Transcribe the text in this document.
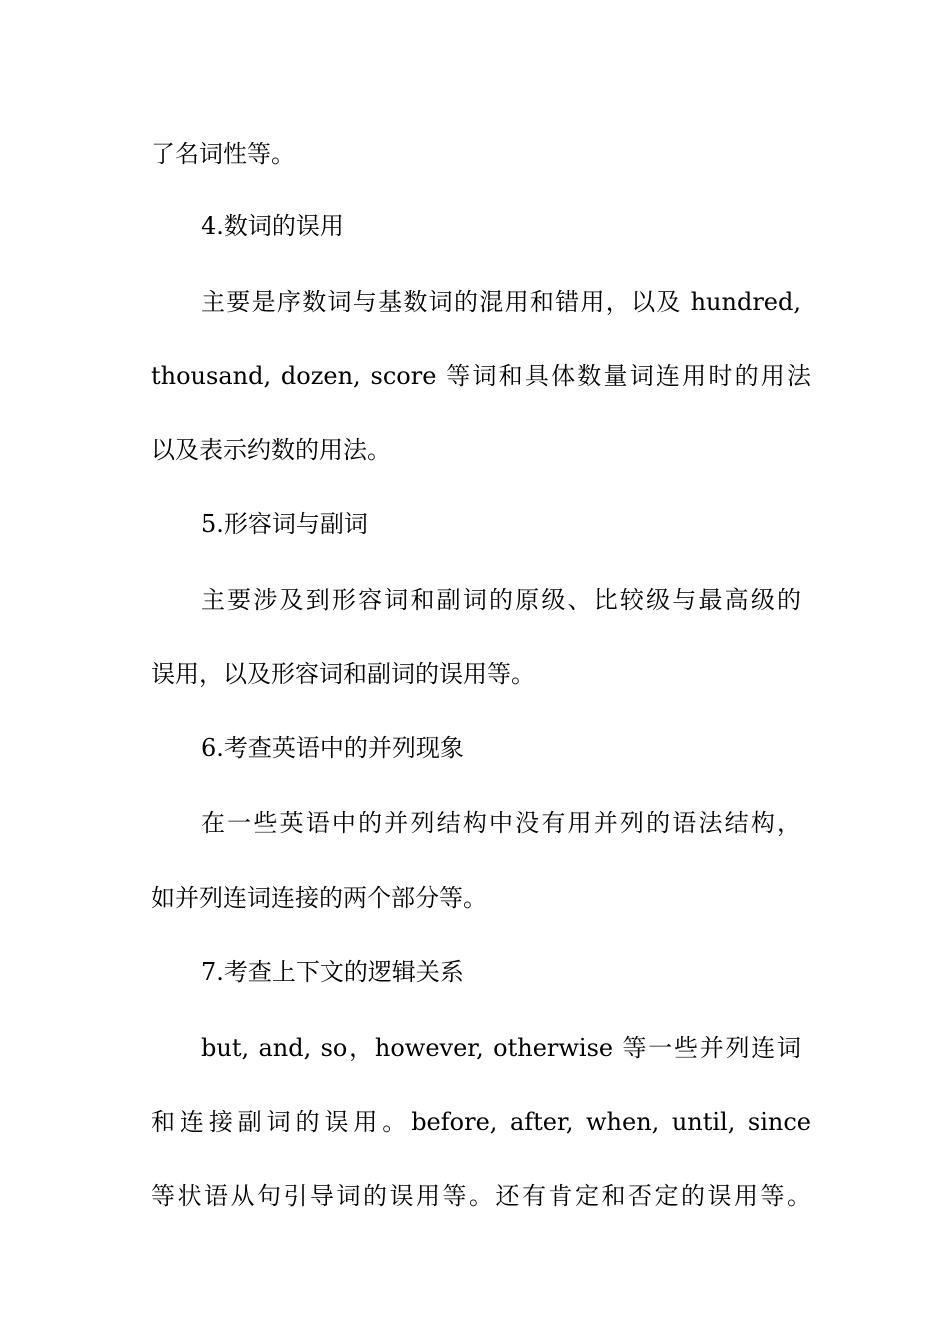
了名词性等。
4.数词的误用
主要是序数词与基数词的混用和错用，以及 hundred,
thousand, dozen, score 等词和具体数量词连用时的用法
以及表示约数的用法。
5.形容词与副词
主要涉及到形容词和副词的原级、比较级与最高级的
误用，以及形容词和副词的误用等。
6.考查英语中的并列现象
在一些英语中的并列结构中没有用并列的语法结构，
如并列连词连接的两个部分等。
7.考查上下文的逻辑关系
but, and, so，however, otherwise 等一些并列连词
和连接副词的误用。before, after, when, until, since
等状语从句引导词的误用等。还有肯定和否定的误用等。
